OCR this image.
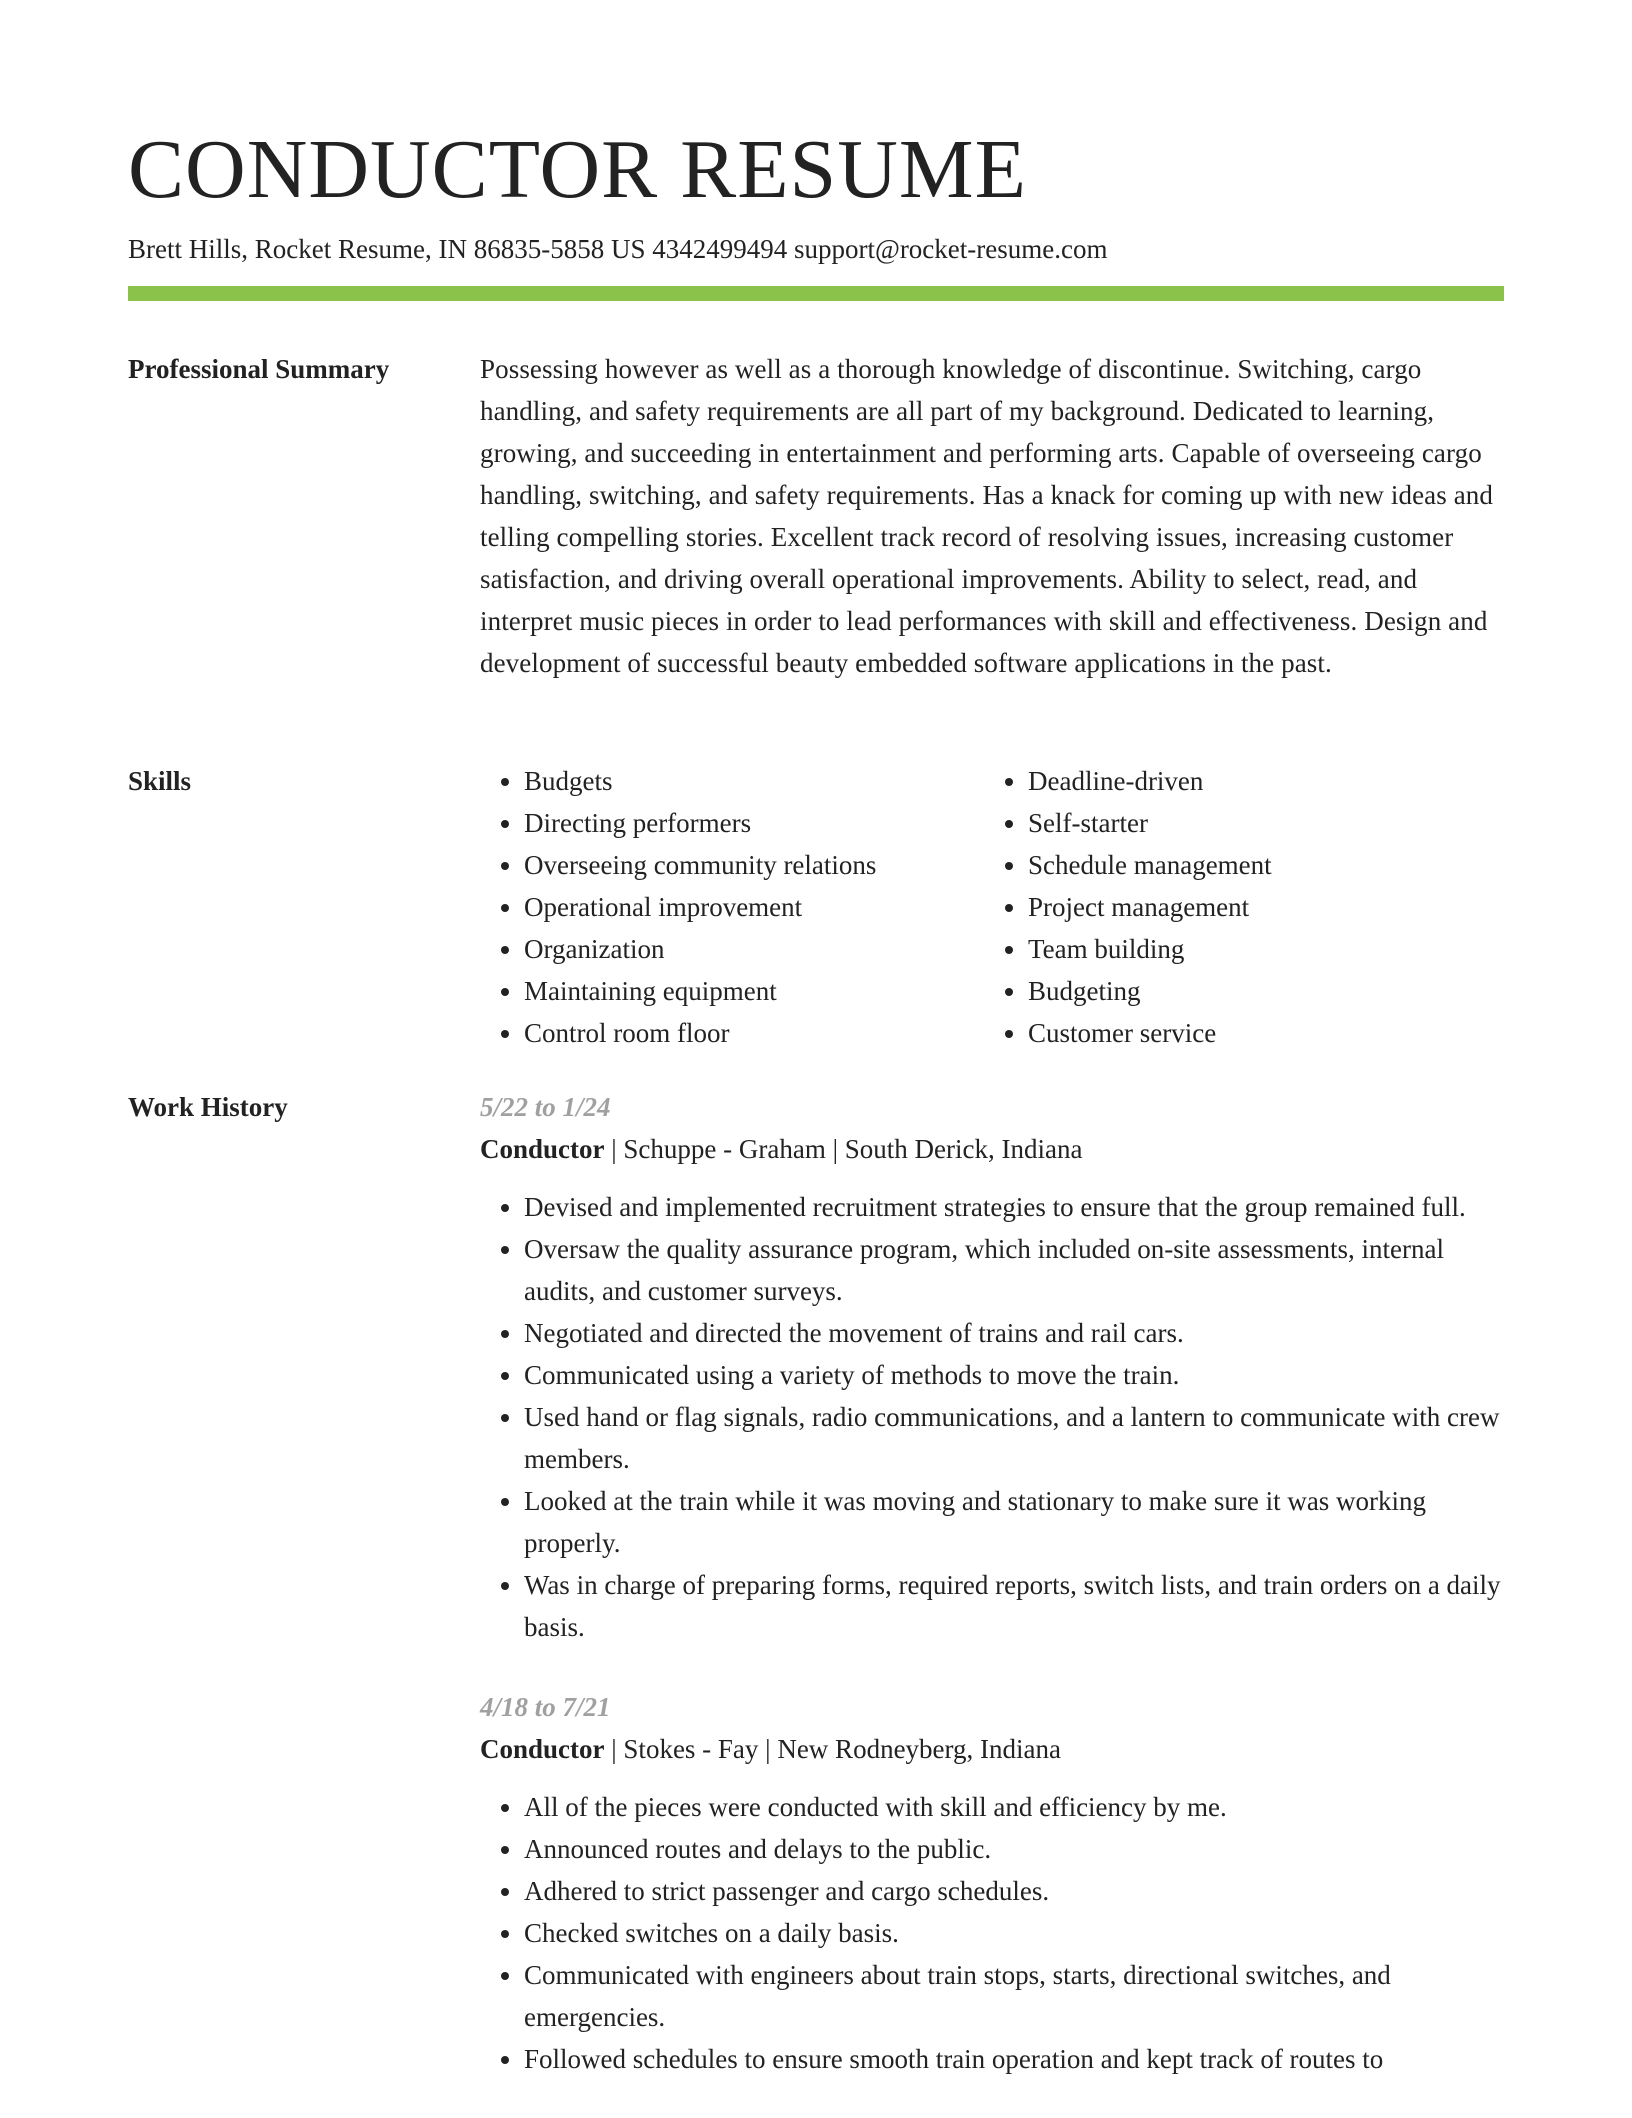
CONDUCTOR RESUME
Brett Hills, Rocket Resume, IN 86835-5858 US 4342499494 support@rocket-resume.com
Professional Summary	Possessing however as well as a thorough knowledge of discontinue. Switching, cargo handling, and safety requirements are all part of my background. Dedicated to learning, growing, and succeeding in entertainment and performing arts. Capable of overseeing cargo handling, switching, and safety requirements. Has a knack for coming up with new ideas and telling compelling stories. Excellent track record of resolving issues, increasing customer satisfaction, and driving overall operational improvements. Ability to select, read, and interpret music pieces in order to lead performances with skill and effectiveness. Design and development of successful beauty embedded software applications in the past.

Skills
•	Budgets
• Directing performers
• Overseeing community relations
• Operational improvement
• Organization
• Maintaining equipment
• Control room floor
• Deadline-driven
• Self-starter
• Schedule management
• Project management
• Team building
• Budgeting
• Customer service
Work History	5/22 to 1/24
Conductor | Schuppe - Graham | South Derick, Indiana
• Devised and implemented recruitment strategies to ensure that the group remained full.
• Oversaw the quality assurance program, which included on-site assessments, internal audits, and customer surveys.
• Negotiated and directed the movement of trains and rail cars.
• Communicated using a variety of methods to move the train.
• Used hand or flag signals, radio communications, and a lantern to communicate with crew members.
• Looked at the train while it was moving and stationary to make sure it was working properly.
• Was in charge of preparing forms, required reports, switch lists, and train orders on a daily basis.
4/18 to 7/21
Conductor | Stokes - Fay | New Rodneyberg, Indiana
• All of the pieces were conducted with skill and efficiency by me.
• Announced routes and delays to the public.
• Adhered to strict passenger and cargo schedules.
• Checked switches on a daily basis.
• Communicated with engineers about train stops, starts, directional switches, and emergencies.
• Followed schedules to ensure smooth train operation and kept track of routes to
